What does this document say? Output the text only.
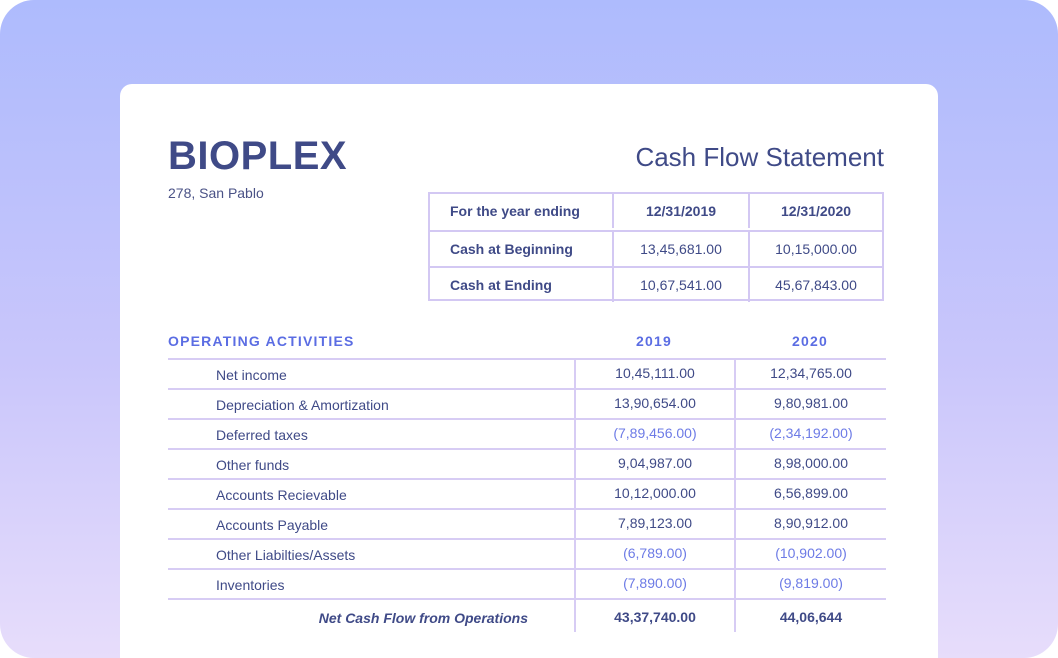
BIOPLEX
278, San Pablo
Cash Flow Statement
For the year ending	12/31/2019	12/31/2020
Cash at Beginning	13,45,681.00	10,15,000.00
Cash at Ending	10,67,541.00	45,67,843.00
OPERATING ACTIVITIES	2019	2020
Net income	10,45,111.00	12,34,765.00
Depreciation & Amortization	13,90,654.00	9,80,981.00
Deferred taxes	(7,89,456.00)	(2,34,192.00)
Other funds	9,04,987.00	8,98,000.00
Accounts Recievable	10,12,000.00	6,56,899.00
Accounts Payable	7,89,123.00	8,90,912.00
Other Liabilties/Assets	(6,789.00)	(10,902.00)
Inventories	(7,890.00)	(9,819.00)
Net Cash Flow from Operations	43,37,740.00	44,06,644
